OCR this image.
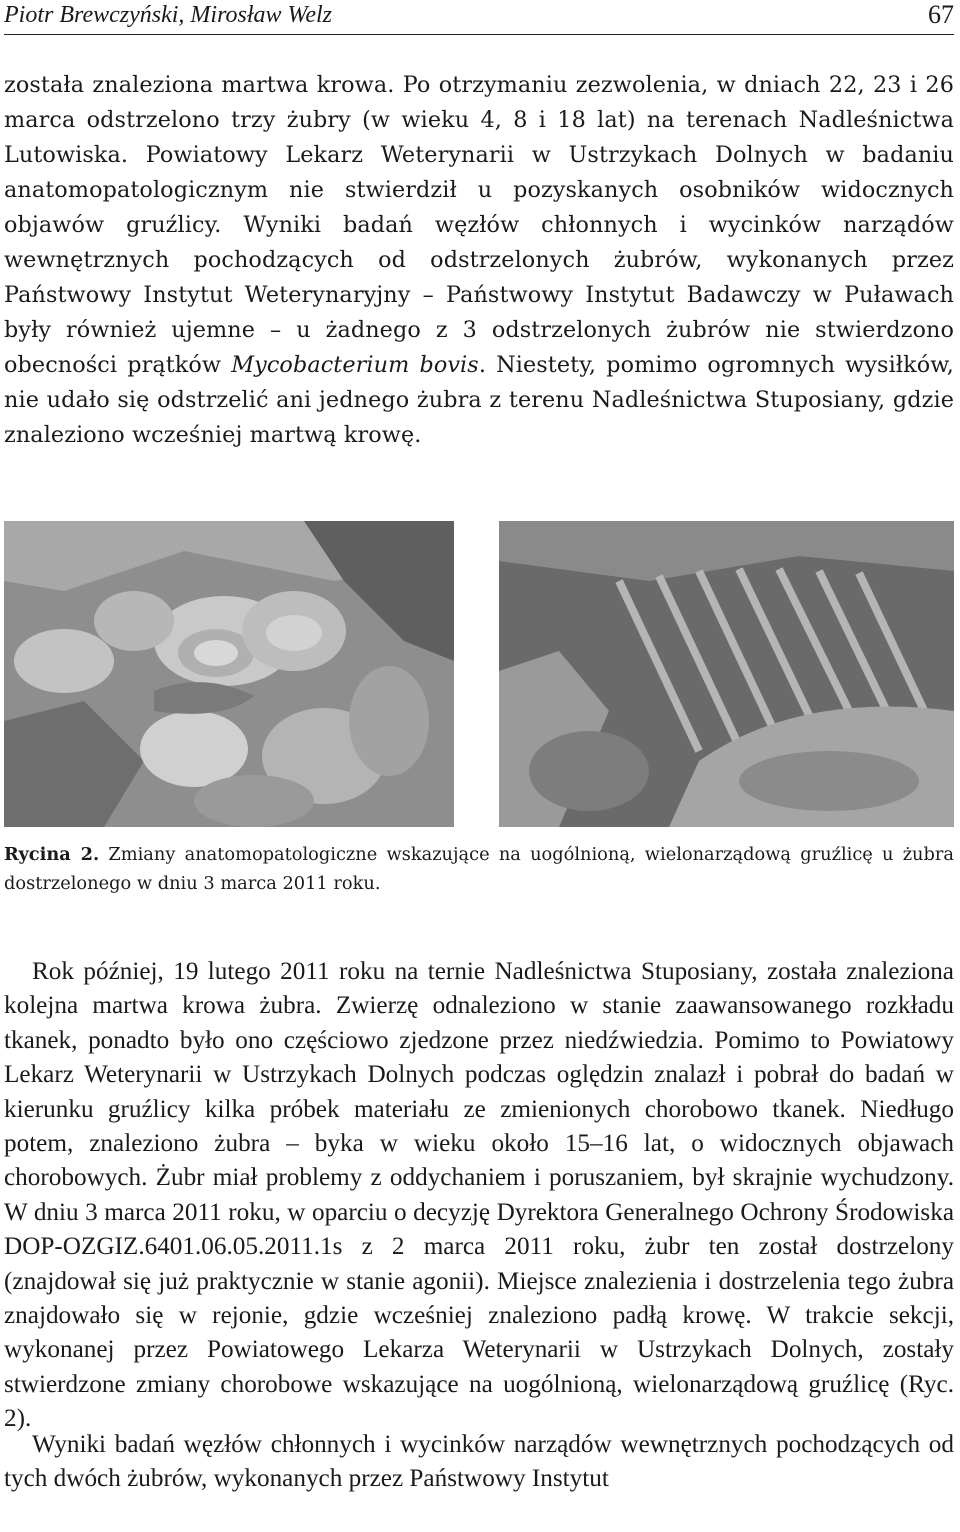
Piotr Brewczyński, Mirosław Welz	67

została znaleziona martwa krowa. Po otrzymaniu zezwolenia, w dniach 22, 23 i 26 marca odstrzelono trzy żubry (w wieku 4, 8 i 18 lat) na terenach Nadleśnictwa Lutowiska. Powiatowy Lekarz Weterynarii w Ustrzykach Dolnych w badaniu anatomopatologicznym nie stwierdził u pozyskanych osobników widocznych objawów gruźlicy. Wyniki badań węzłów chłonnych i wycinków narządów wewnętrznych pochodzących od odstrzelonych żubrów, wykonanych przez Państwowy Instytut Weterynaryjny – Państwowy Instytut Badawczy w Puławach były również ujemne – u żadnego z 3 odstrzelonych żubrów nie stwierdzono obecności prątków Mycobacterium bovis. Niestety, pomimo ogromnych wysiłków, nie udało się odstrzelić ani jednego żubra z terenu Nadleśnictwa Stuposiany, gdzie znaleziono wcześniej martwą krowę.

Rycina 2. Zmiany anatomopatologiczne wskazujące na uogólnioną, wielonarządową gruźlicę u żubra dostrzelonego w dniu 3 marca 2011 roku.

Rok później, 19 lutego 2011 roku na ternie Nadleśnictwa Stuposiany, została znaleziona kolejna martwa krowa żubra. Zwierzę odnaleziono w stanie zaawansowanego rozkładu tkanek, ponadto było ono częściowo zjedzone przez niedźwiedzia. Pomimo to Powiatowy Lekarz Weterynarii w Ustrzykach Dolnych podczas oględzin znalazł i pobrał do badań w kierunku gruźlicy kilka próbek materiału ze zmienionych chorobowo tkanek. Niedługo potem, znaleziono żubra – byka w wieku około 15–16 lat, o widocznych objawach chorobowych. Żubr miał problemy z oddychaniem i poruszaniem, był skrajnie wychudzony. W dniu 3 marca 2011 roku, w oparciu o decyzję Dyrektora Generalnego Ochrony Środowiska DOP-OZGIZ.6401.06.05.2011.1s z 2 marca 2011 roku, żubr ten został dostrzelony (znajdował się już praktycznie w stanie agonii). Miejsce znalezienia i dostrzelenia tego żubra znajdowało się w rejonie, gdzie wcześniej znaleziono padłą krowę. W trakcie sekcji, wykonanej przez Powiatowego Lekarza Weterynarii w Ustrzykach Dolnych, zostały stwierdzone zmiany chorobowe wskazujące na uogólnioną, wielonarządową gruźlicę (Ryc. 2).

Wyniki badań węzłów chłonnych i wycinków narządów wewnętrznych pochodzących od tych dwóch żubrów, wykonanych przez Państwowy Instytut
